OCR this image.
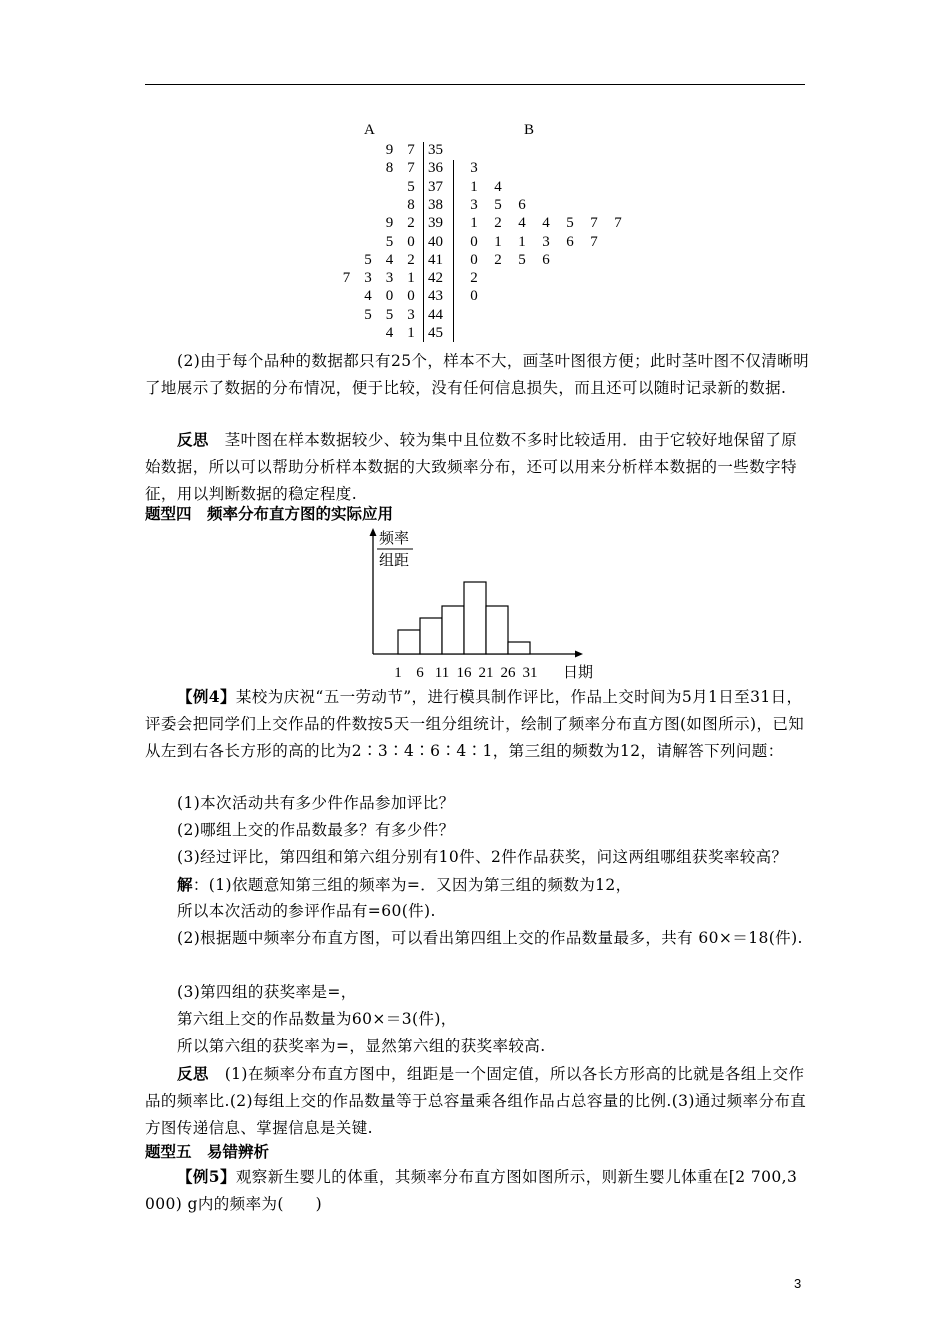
A	B
9 7 35
8 7 36	3
5 37	1 4
8 38	3 5 6
9 2 39	1 2 4 4 5 7 7
5 0 40	0 1 1 3 6 7
5 4 2 41	0 2 5 6
7 3 3 1 42	2
4 0 0 43	0
5 5 3 44
4 1 45
(2)由于每个品种的数据都只有25个，样本不大，画茎叶图很方便；此时茎叶图不仅清晰明了地展示了数据的分布情况，便于比较，没有任何信息损失，而且还可以随时记录新的数据.
反思　茎叶图在样本数据较少、较为集中且位数不多时比较适用．由于它较好地保留了原始数据，所以可以帮助分析样本数据的大致频率分布，还可以用来分析样本数据的一些数字特征，用以判断数据的稳定程度.
题型四　频率分布直方图的实际应用
频率
组距
1 6 11 16 21 26 31 日期
【例4】某校为庆祝“五一劳动节”，进行模具制作评比，作品上交时间为5月1日至31日，评委会把同学们上交作品的件数按5天一组分组统计，绘制了频率分布直方图(如图所示)，已知从左到右各长方形的高的比为2∶3∶4∶6∶4∶1，第三组的频数为12，请解答下列问题：
(1)本次活动共有多少件作品参加评比？
(2)哪组上交的作品数最多？有多少件？
(3)经过评比，第四组和第六组分别有10件、2件作品获奖，问这两组哪组获奖率较高？
解：(1)依题意知第三组的频率为=．又因为第三组的频数为12，
所以本次活动的参评作品有=60(件).
(2)根据题中频率分布直方图，可以看出第四组上交的作品数量最多，共有 60×＝18(件).
(3)第四组的获奖率是=，
第六组上交的作品数量为60×＝3(件)，
所以第六组的获奖率为=，显然第六组的获奖率较高.
反思　(1)在频率分布直方图中，组距是一个固定值，所以各长方形高的比就是各组上交作品的频率比.(2)每组上交的作品数量等于总容量乘各组作品占总容量的比例.(3)通过频率分布直方图传递信息、掌握信息是关键.
题型五　易错辨析
【例5】观察新生婴儿的体重，其频率分布直方图如图所示，则新生婴儿体重在[2 700,3 000) g内的频率为(　　)
3
